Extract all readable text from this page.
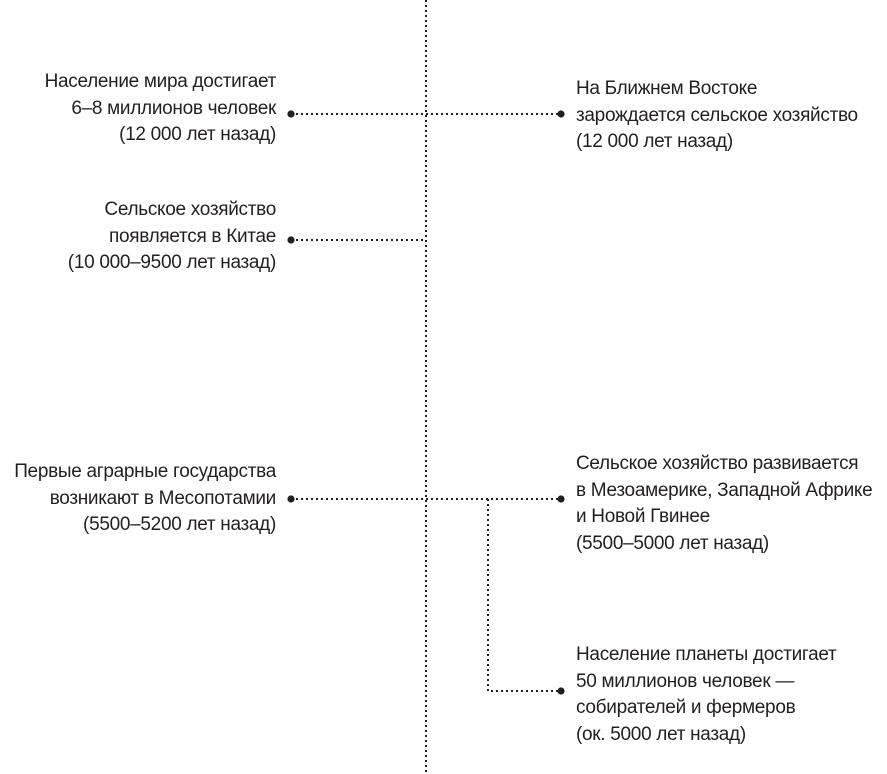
Население мира достигает
6–8 миллионов человек
(12 000 лет назад)
Сельское хозяйство
появляется в Китае
(10 000–9500 лет назад)
Первые аграрные государства
возникают в Месопотамии
(5500–5200 лет назад)
На Ближнем Востоке
зарождается сельское хозяйство
(12 000 лет назад)
Сельское хозяйство развивается
в Мезоамерике, Западной Африке
и Новой Гвинее
(5500–5000 лет назад)
Население планеты достигает
50 миллионов человек —
собирателей и фермеров
(ок. 5000 лет назад)
